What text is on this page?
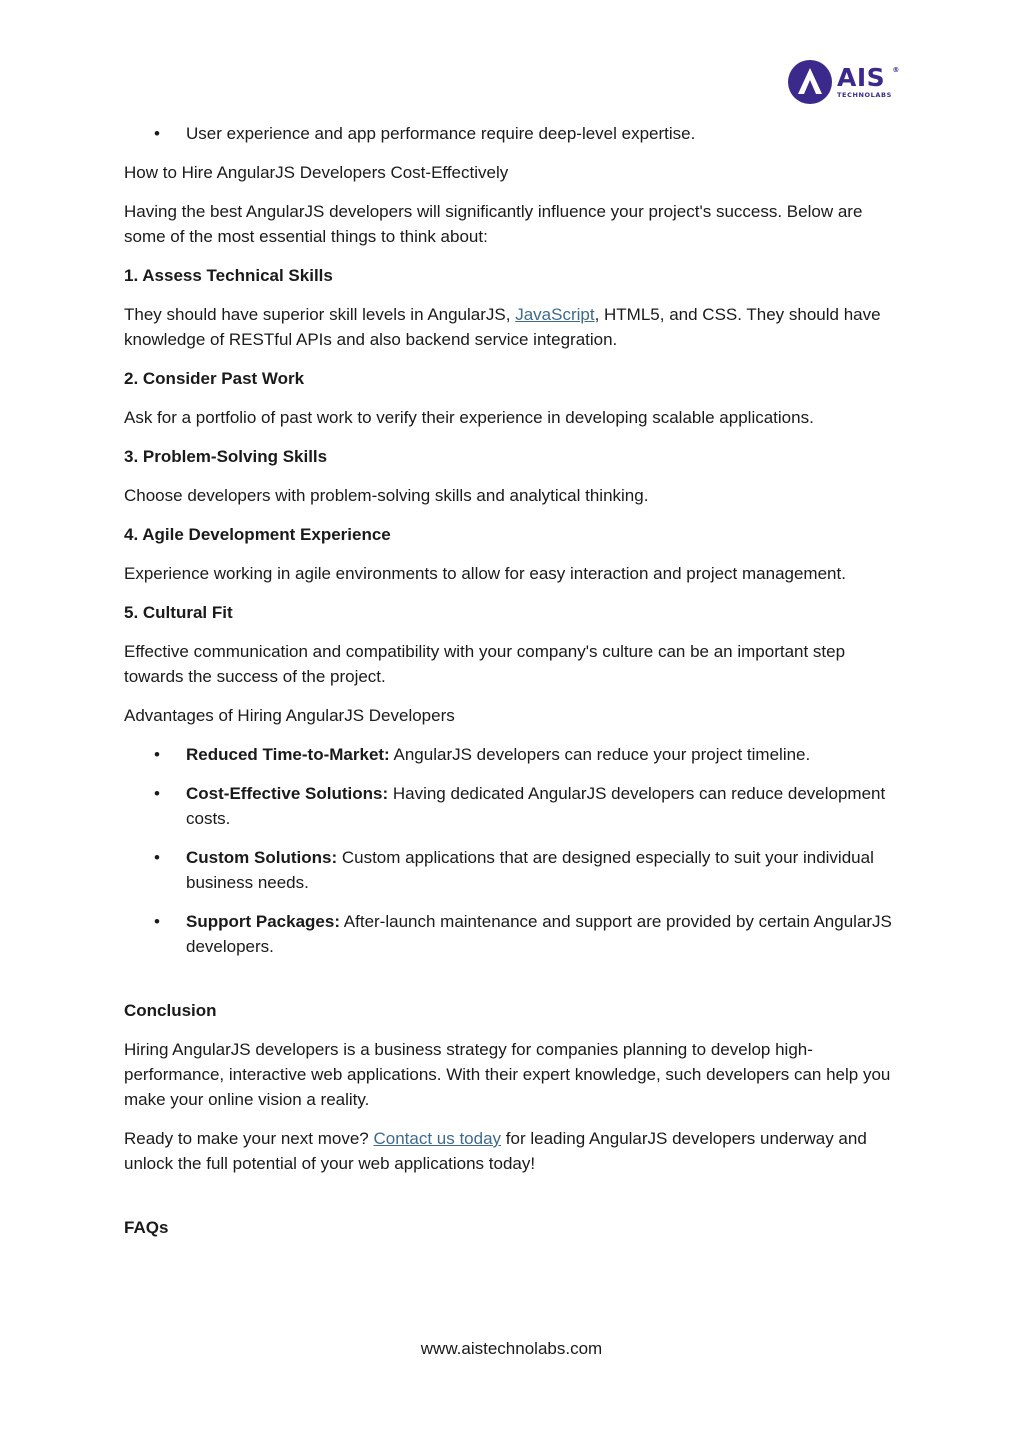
AIS ®
TECHNOLABS
• User experience and app performance require deep-level expertise.

How to Hire AngularJS Developers Cost-Effectively

Having the best AngularJS developers will significantly influence your project's success. Below are some of the most essential things to think about:

1. Assess Technical Skills

They should have superior skill levels in AngularJS, JavaScript, HTML5, and CSS. They should have knowledge of RESTful APIs and also backend service integration.

2. Consider Past Work

Ask for a portfolio of past work to verify their experience in developing scalable applications.

3. Problem-Solving Skills

Choose developers with problem-solving skills and analytical thinking.

4. Agile Development Experience

Experience working in agile environments to allow for easy interaction and project management.

5. Cultural Fit

Effective communication and compatibility with your company's culture can be an important step towards the success of the project.

Advantages of Hiring AngularJS Developers

• Reduced Time-to-Market: AngularJS developers can reduce your project timeline.
• Cost-Effective Solutions: Having dedicated AngularJS developers can reduce development costs.
• Custom Solutions: Custom applications that are designed especially to suit your individual business needs.
• Support Packages: After-launch maintenance and support are provided by certain AngularJS developers.

Conclusion

Hiring AngularJS developers is a business strategy for companies planning to develop high-performance, interactive web applications. With their expert knowledge, such developers can help you make your online vision a reality.

Ready to make your next move? Contact us today for leading AngularJS developers underway and unlock the full potential of your web applications today!

FAQs

www.aistechnolabs.com
